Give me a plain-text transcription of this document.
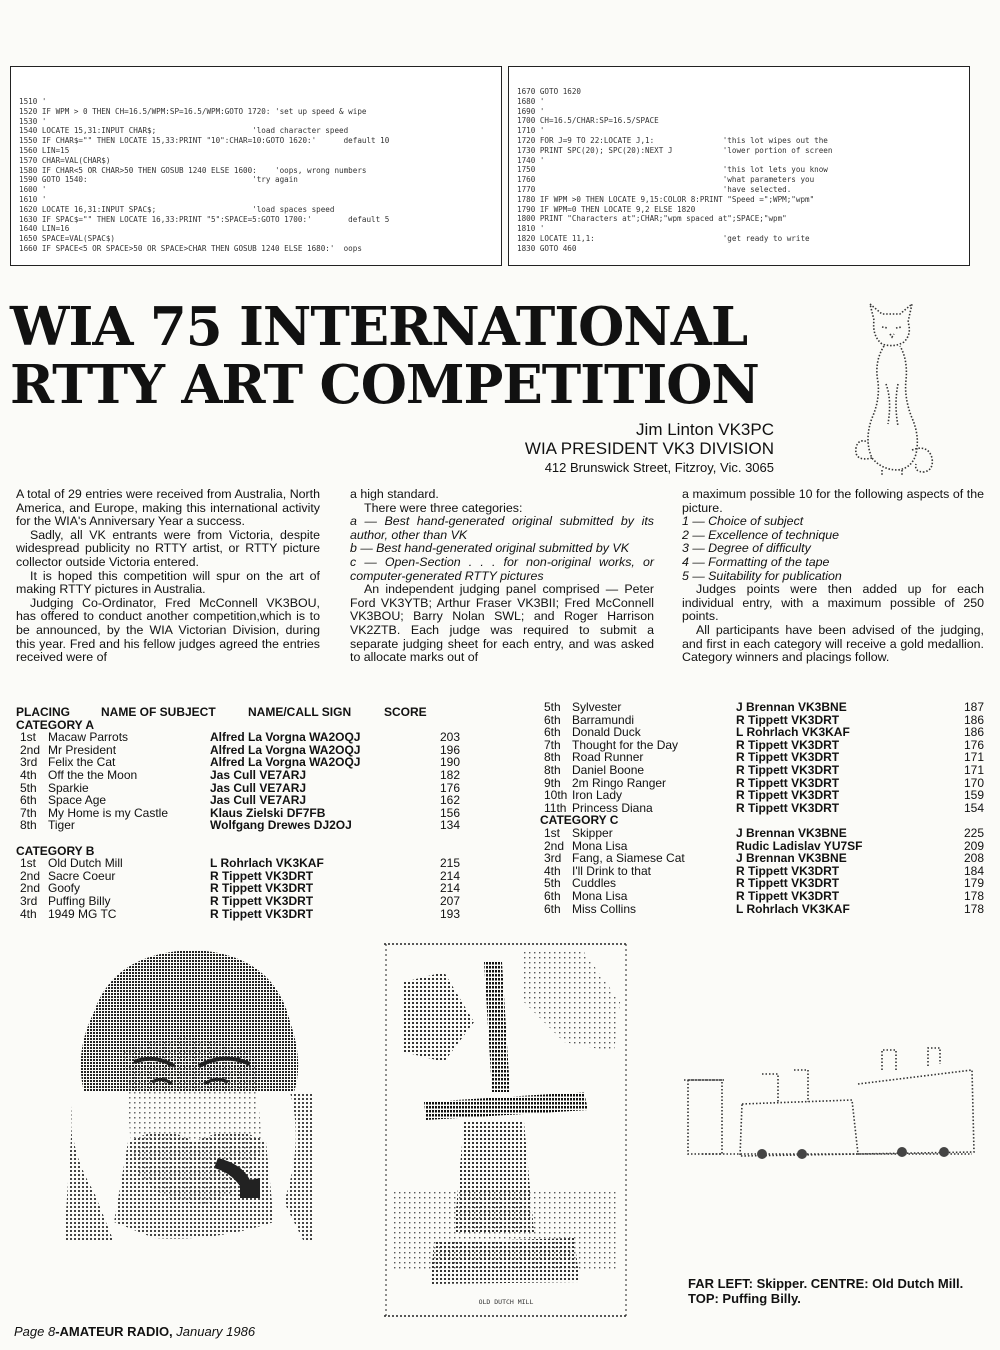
1510 '
1520 IF WPM > 0 THEN CH=16.5/WPM:SP=16.5/WPM:GOTO 1720: 'set up speed & wipe
1530 '
1540 LOCATE 15,31:INPUT CHAR$;                     'load character speed
1550 IF CHAR$="" THEN LOCATE 15,33:PRINT "10":CHAR=10:GOTO 1620:'      default 10
1560 LIN=15
1570 CHAR=VAL(CHAR$)
1580 IF CHAR<5 OR CHAR>50 THEN GOSUB 1240 ELSE 1600:    'oops, wrong numbers
1590 GOTO 1540:                                    'try again
1600 '
1610 '
1620 LOCATE 16,31:INPUT SPAC$;                     'load spaces speed
1630 IF SPAC$="" THEN LOCATE 16,33:PRINT "5":SPACE=5:GOTO 1700:'        default 5
1640 LIN=16
1650 SPACE=VAL(SPAC$)
1660 IF SPACE<5 OR SPACE>50 OR SPACE>CHAR THEN GOSUB 1240 ELSE 1680:'  oops
1670 GOTO 1620
1680 '
1690 '
1700 CH=16.5/CHAR:SP=16.5/SPACE
1710 '
1720 FOR J=9 TO 22:LOCATE J,1:               'this lot wipes out the
1730 PRINT SPC(20); SPC(20):NEXT J           'lower portion of screen
1740 '
1750                                         'this lot lets you know
1760                                         'what parameters you
1770                                         'have selected.
1780 IF WPM >0 THEN LOCATE 9,15:COLOR 8:PRINT "Speed =";WPM;"wpm"
1790 IF WPM=0 THEN LOCATE 9,2 ELSE 1820
1800 PRINT "Characters at";CHAR;"wpm spaced at";SPACE;"wpm"
1810 '
1820 LOCATE 11,1:                            'get ready to write
1830 GOTO 460
WIA 75 INTERNATIONAL
RTTY ART COMPETITION
Jim Linton VK3PC
WIA PRESIDENT VK3 DIVISION
412 Brunswick Street, Fitzroy, Vic. 3065

A total of 29 entries were received from Australia, North America, and Europe, making this international activity for the WIA's Anniversary Year a success.

Sadly, all VK entrants were from Victoria, despite widespread publicity no RTTY artist, or RTTY picture collector outside Victoria entered.

It is hoped this competition will spur on the art of making RTTY pictures in Australia.

Judging Co-Ordinator, Fred McConnell VK3BOU, has offered to conduct another competition,which is to be announced, by the WIA Victorian Division, during this year. Fred and his fellow judges agreed the entries received were of

a high standard.

There were three categories:

a — Best hand-generated original submitted by its author, other than VK

b — Best hand-generated original submitted by VK

c — Open-Section . . . for non-original works, or computer-generated RTTY pictures

An independent judging panel comprised — Peter Ford VK3YTB; Arthur Fraser VK3BII; Fred McConnell VK3BOU; Barry Nolan SWL; and Roger Harrison VK2ZTB. Each judge was required to submit a separate judging sheet for each entry, and was asked to allocate marks out of

a maximum possible 10 for the following aspects of the picture.

1 — Choice of subject

2 — Excellence of technique

3 — Degree of difficulty

4 — Formatting of the tape

5 — Suitability for publication

Judges points were then added up for each individual entry, with a maximum possible of 250 points.

All participants have been advised of the judging, and first in each category will receive a gold medallion. Category winners and placings follow.

PLACING	NAME OF SUBJECT	NAME/CALL SIGN	SCORE
CATEGORY A
1st Macaw Parrots	Alfred La Vorgna WA2OQJ	203
2nd Mr President	Alfred La Vorgna WA2OQJ	196
3rd Felix the Cat	Alfred La Vorgna WA2OQJ	190
4th Off the the Moon	Jas Cull VE7ARJ	182
5th Sparkie	Jas Cull VE7ARJ	176
6th Space Age	Jas Cull VE7ARJ	162
7th My Home is my Castle	Klaus Zielski DF7FB	156
8th Tiger	Wolfgang Drewes DJ2OJ	134
CATEGORY B
1st Old Dutch Mill	L Rohrlach VK3KAF	215
2nd Sacre Coeur	R Tippett VK3DRT	214
2nd Goofy	R Tippett VK3DRT	214
3rd Puffing Billy	R Tippett VK3DRT	207
4th 1949 MG TC	R Tippett VK3DRT	193
5th Sylvester	J Brennan VK3BNE	187
6th Barramundi	R Tippett VK3DRT	186
6th Donald Duck	L Rohrlach VK3KAF	186
7th Thought for the Day	R Tippett VK3DRT	176
8th Road Runner	R Tippett VK3DRT	171
8th Daniel Boone	R Tippett VK3DRT	171
9th 2m Ringo Ranger	R Tippett VK3DRT	170
10th Iron Lady	R Tippett VK3DRT	159
11th Princess Diana	R Tippett VK3DRT	154
CATEGORY C
1st Skipper	J Brennan VK3BNE	225
2nd Mona Lisa	Rudic Ladislav YU7SF	209
3rd Fang, a Siamese Cat	J Brennan VK3BNE	208
4th I'll Drink to that	R Tippett VK3DRT	184
5th Cuddles	R Tippett VK3DRT	179
6th Mona Lisa	R Tippett VK3DRT	178
6th Miss Collins	L Rohrlach VK3KAF	178
OLD DUTCH MILL
FAR LEFT: Skipper. CENTRE: Old Dutch Mill.
TOP: Puffing Billy.
Page 8-AMATEUR RADIO, January 1986
